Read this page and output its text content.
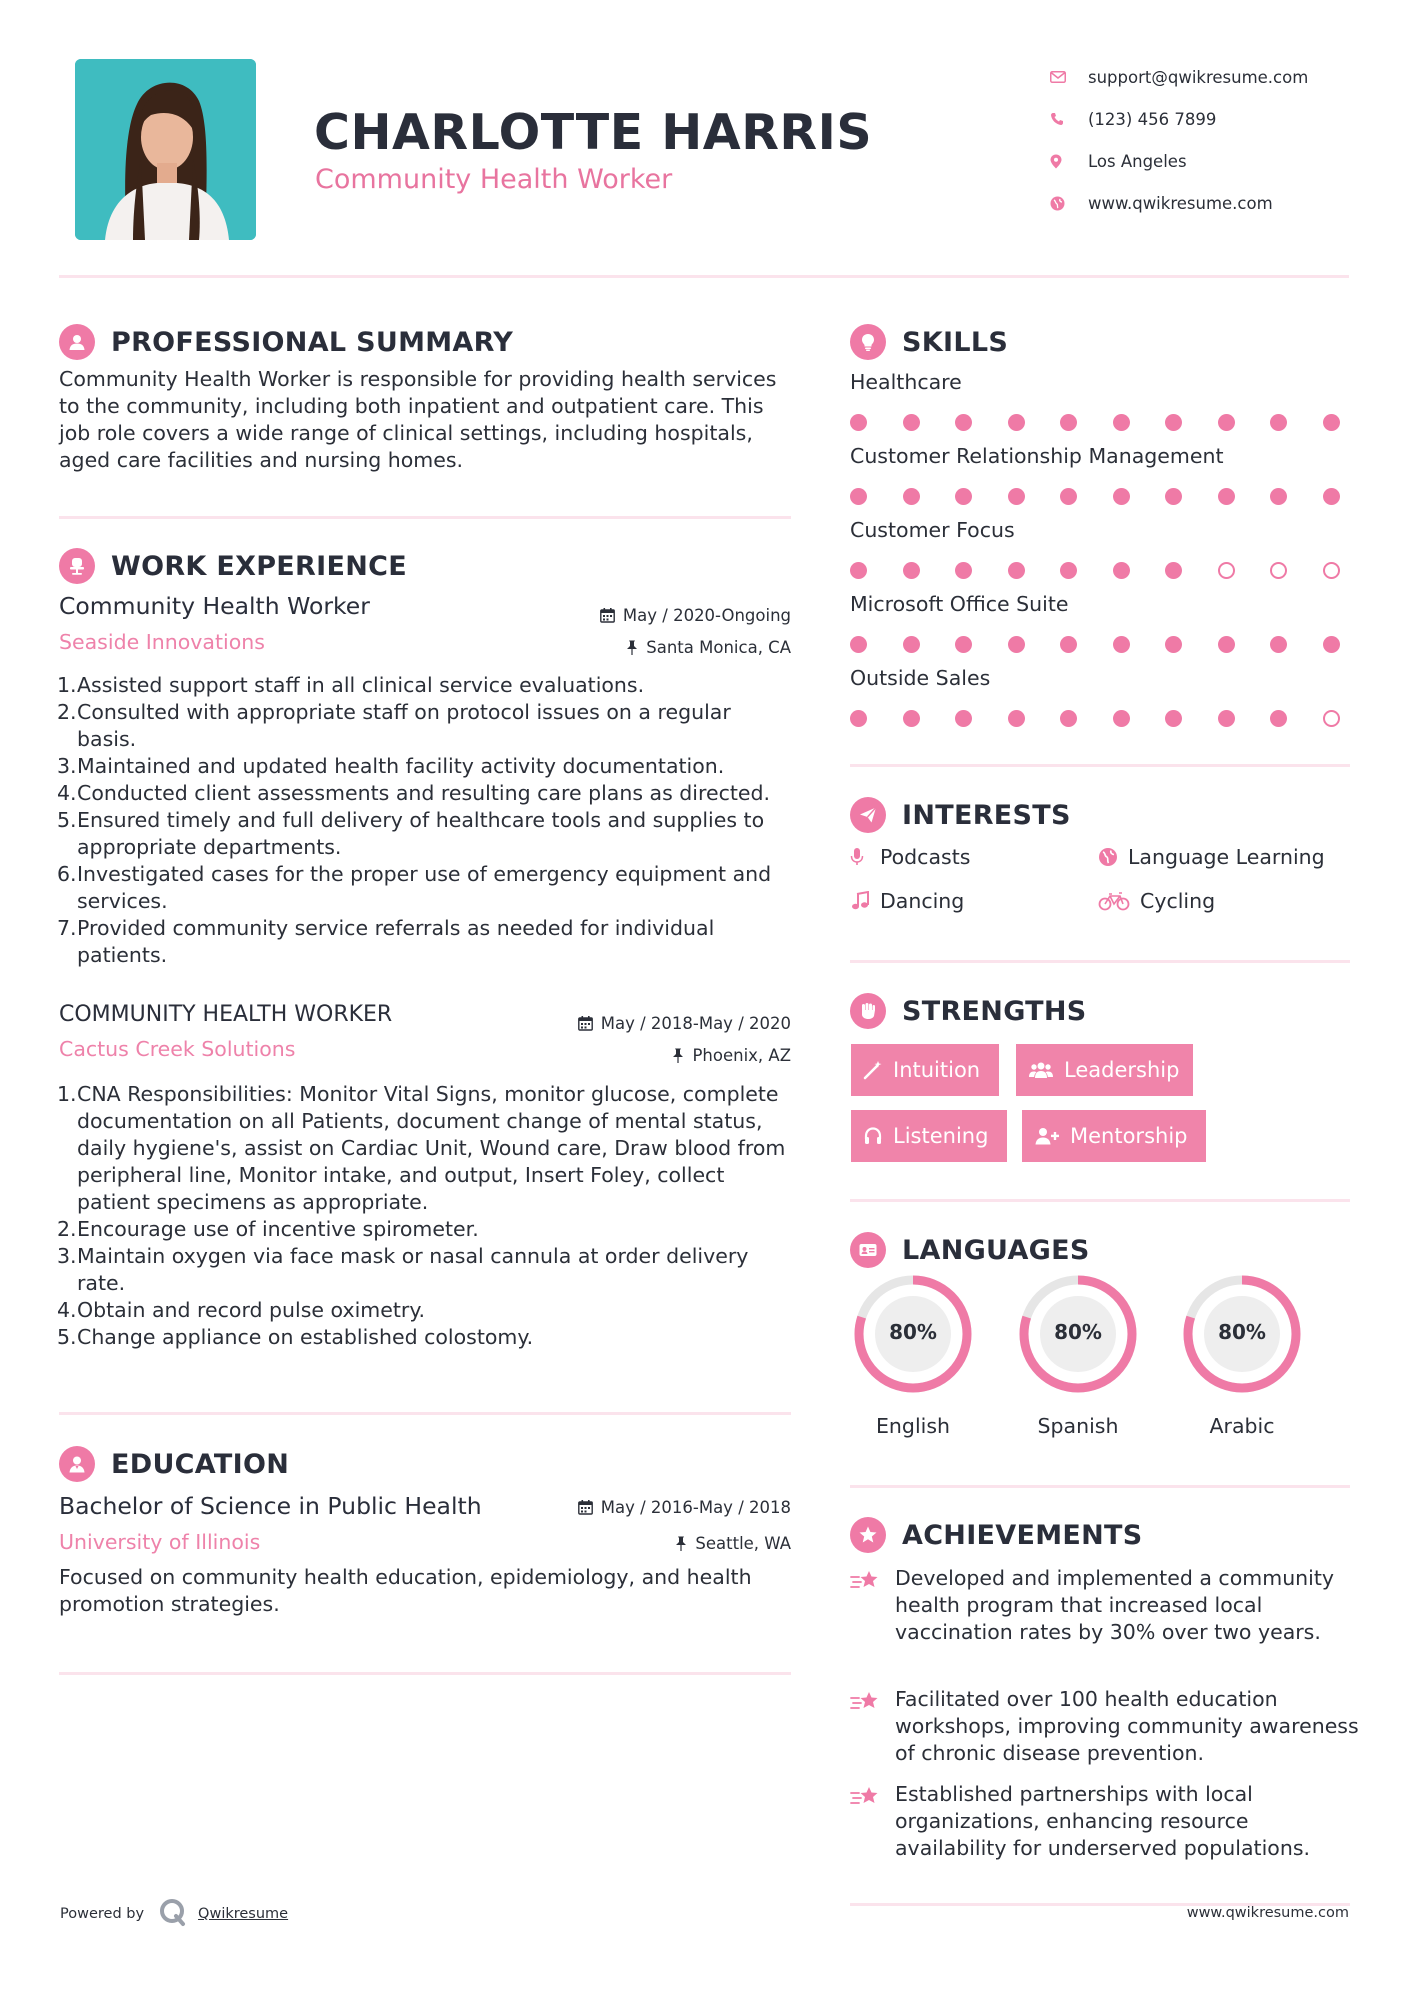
CHARLOTTE HARRIS
Community Health Worker
support@qwikresume.com
(123) 456 7899
Los Angeles
www.qwikresume.com
PROFESSIONAL SUMMARY

Community Health Worker is responsible for providing health services to the community, including both inpatient and outpatient care. This job role covers a wide range of clinical settings, including hospitals, aged care facilities and nursing homes.

WORK EXPERIENCE
Community Health Worker
Seaside Innovations
May / 2020-Ongoing
Santa Monica, CA
1. Assisted support staff in all clinical service evaluations.
2. Consulted with appropriate staff on protocol issues on a regular basis.
3. Maintained and updated health facility activity documentation.
4. Conducted client assessments and resulting care plans as directed.
5. Ensured timely and full delivery of healthcare tools and supplies to appropriate departments.
6. Investigated cases for the proper use of emergency equipment and services.
7. Provided community service referrals as needed for individual patients.
COMMUNITY HEALTH WORKER
Cactus Creek Solutions
May / 2018-May / 2020
Phoenix, AZ
1. CNA Responsibilities: Monitor Vital Signs, monitor glucose, complete documentation on all Patients, document change of mental status, daily hygiene's, assist on Cardiac Unit, Wound care, Draw blood from peripheral line, Monitor intake, and output, Insert Foley, collect patient specimens as appropriate.
2. Encourage use of incentive spirometer.
3. Maintain oxygen via face mask or nasal cannula at order delivery rate.
4. Obtain and record pulse oximetry.
5. Change appliance on established colostomy.
EDUCATION
Bachelor of Science in Public Health
University of Illinois
May / 2016-May / 2018
Seattle, WA

Focused on community health education, epidemiology, and health promotion strategies.

SKILLS
Healthcare
Customer Relationship Management
Customer Focus
Microsoft Office Suite
Outside Sales
INTERESTS
Podcasts	Language Learning
Dancing	Cycling
STRENGTHS
Intuition	Leadership
Listening	Mentorship
LANGUAGES
80%
English
80%
Spanish
80%
Arabic
ACHIEVEMENTS
Developed and implemented a community health program that increased local vaccination rates by 30% over two years.
Facilitated over 100 health education workshops, improving community awareness of chronic disease prevention.
Established partnerships with local organizations, enhancing resource availability for underserved populations.
Powered by	Qwikresume	www.qwikresume.com
